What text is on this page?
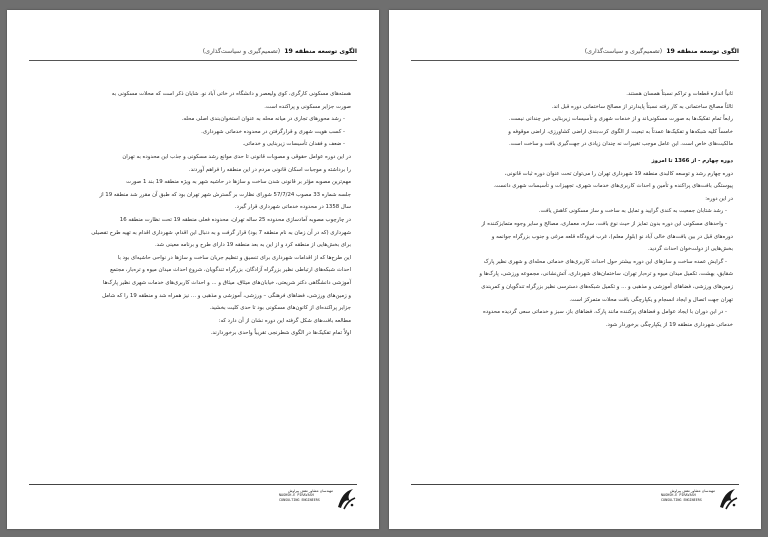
الگوی توسعه منطقه 19
(تصمیم‌گیری و سیاست‌گذاری)

هسته‌های مسکونی کارگری، کوی ولیعصر و دانشگاه در خاتی آباد نو. شایان ذکر است که محلات مسکونی به

صورت جزایر مسکونی و پراکنده است.

- رشد محورهای تجاری در میانه محله به عنوان استخوان‌بندی اصلی محله.

- کسب هویت شهری و قرارگرفتن در محدوده خدماتی شهرداری.

- ضعف و فقدان تأسیسات زیربنایی و خدماتی.

در این دوره عوامل حقوقی و مصوبات قانونی تا حدی موانع رشد مسکونی و جذب این محدوده به تهران

را برداشته و موجبات اسکان قانونی مردم در این منطقه را فراهم آوردند.

مهم‌ترین مصوبه مؤثر بر قانونی شدن ساخت و سازها در حاشیه شهر به ویژه منطقه 19 بند 1 صورت

جلسه شماره 33 مصوب 57/7/24 شورای نظارت بر گسترش شهر تهران بود که طبق آن مقرر شد منطقه 19 از

سال 1358 در محدوده خدماتی شهرداری قرار گیرد.

در چارچوب مصوبه آمادسازی محدوده 25 ساله تهران، محدوده فعلی منطقه 19 تحت نظارت منطقه 16

شهرداری (که در آن زمان به نام منطقه 7 بود) قرار گرفت و به دنبال این اقدام، شهرداری اقدام به تهیه طرح تفصیلی

برای بخش‌هایی از منطقه کرد و از این به بعد منطقه 19 دارای طرح و برنامه معینی شد.

این طرح‌ها که از اقدامات شهرداری برای تنسیق و تنظیم جریان ساخت و سازها در نواحی حاشیه‌ای بود با

احداث شبکه‌های ارتباطی نظیر بزرگراه آزادگان، بزرگراه تندگویان، شروع احداث میدان میوه و تره‌بار، مجتمع

آموزشی دانشگاهی دکتر شریعتی، خیابان‌های میثاق، میثاق و ... و احداث کاربری‌های خدمات شهری نظیر پارک‌ها

و زمین‌های ورزشی، فضاهای فرهنگی – ورزشی، آموزشی و مذهبی و ... نیز همراه شد و منطقه 19 را که شامل

جزایر پراکنده‌ای از کانون‌های مسکونی بود تا حدی کلیت بخشید.

مطالعه بافت‌های شکل گرفته این دوره نشان از آن دارد که:

اولاً تمام تفکیک‌ها در الگوی شطرنجی تقریباً واحدی برخوردارند.

مهندسان مشاور نقش پیراوش
NAGHSH-E PIRAVASH
CONSULTING ENGINEERS
الگوی توسعه منطقه 19
(تصمیم‌گیری و سیاست‌گذاری)

ثانیاً اندازه قطعات و تراکم نسبتاً همسان هستند.

ثالثاً مصالح ساختمانی به کار رفته نسبتاً پایدارتر از مصالح ساختمانی دوره قبل اند.

رابعاً تمام تفکیک‌ها به صورت مسکونی‌اند و از خدمات شهری و تأسیسات زیربنایی خبر چندانی نیست.

خامساً کلیه شبکه‌ها و تفکیک‌ها عمدتاً به تبعیت از الگوی کرت‌بندی اراضی کشاورزی، اراضی موقوفه و

مالکیت‌های خاص است. این عامل موجب تغییرات نه چندان زیادی در جهت‌گیری بافت و ساخت است.

دوره چهارم - از 1366 تا امروز

دوره چهارم رشد و توسعه کالبدی منطقه 19 شهرداری تهران را می‌توان تحت عنوان دوره ثبات قانونی،

پیوستگی بافت‌های پراکنده و تأمین و احداث کاربری‌های خدمات شهری، تجهیزات و تأسیسات شهری دانست.

در این دوره:

- رشد شتابان جمعیت به کندی گرایید و تمایل به ساخت و ساز مسکونی کاهش یافت.

- واحدهای مسکونی این دوره بدون تمایز از حیث نوع بافت، سازه، معماری، مصالح و سایر وجوه متمایزکننده از

دوره‌های قبل در بین بافت‌های خالی آباد نو (بلوار معلم)، غرب فرودگاه قلعه مرغی و جنوب بزرگراه جوانمه و

بخش‌هایی از دولت‌خوان احداث گردید.

- گرایش عمده ساخت و سازهای این دوره بیشتر حول احداث کاربری‌های خدماتی محله‌ای و شهری نظیر پارک

شقایق، بهشت، تکمیل میدان میوه و تره‌بار تهران، ساختمان‌های شهرداری، آتش‌نشانی، مجموعه ورزشی، پارک‌ها و

زمین‌های ورزشی، فضاهای آموزشی و مذهبی و ... و تکمیل شبکه‌های دسترسی نظیر بزرگراه تندگویان و کمربندی

تهران جهت اتصال و ایجاد انسجام و یکپارچگی بافت محلات متمرکز است.

- در این دوران با ایجاد عوامل و فضاهای پرکننده مانند پارک، فضاهای باز، سبز و خدماتی سعی گردیده محدوده

خدماتی شهرداری منطقه 19 از یکپارچگی برخوردار شود.

مهندسان مشاور نقش پیراوش
NAGHSH-E PIRAVASH
CONSULTING ENGINEERS
